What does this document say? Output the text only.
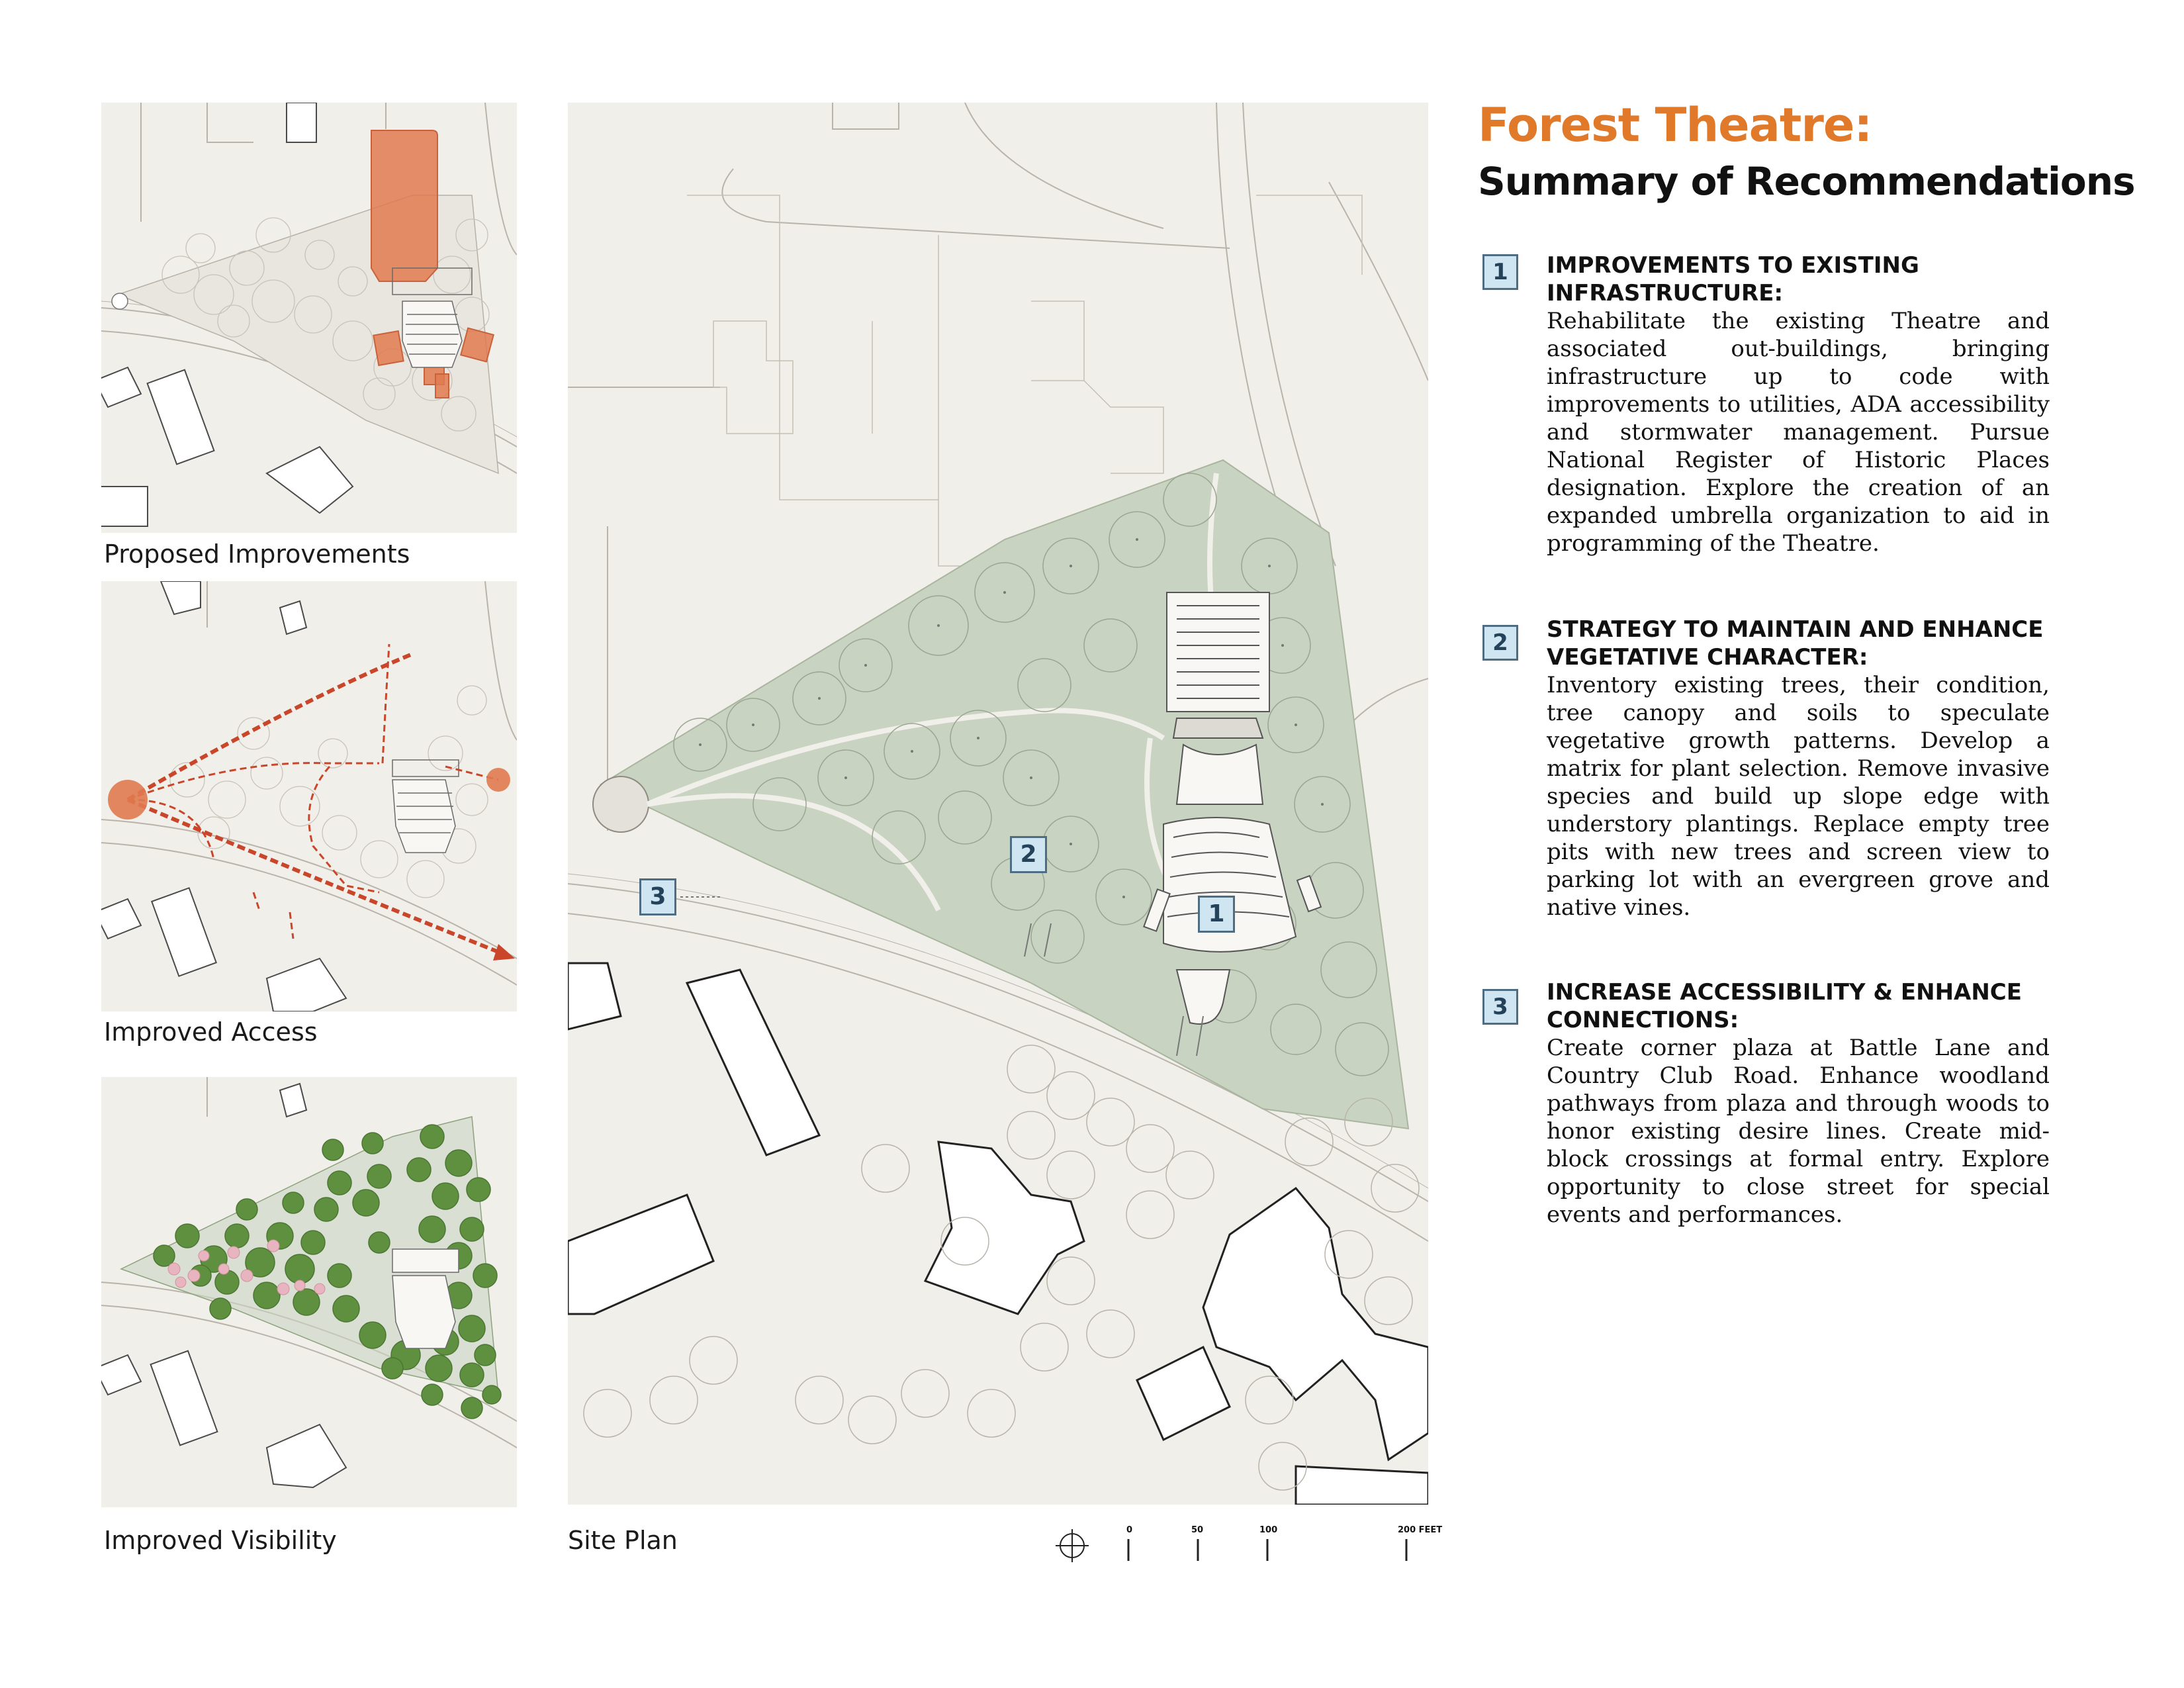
Forest Theatre:
Summary of Recommendations
Proposed Improvements
Improved Access
Improved Visibility
1
2
3
Site Plan	0	50	100	200 FEET
1	IMPROVEMENTS TO EXISTING INFRASTRUCTURE:
Rehabilitate the existing Theatre and associated out-buildings, bringing infrastructure up to code with improvements to utilities, ADA accessibility and stormwater management. Pursue National Register of Historic Places designation. Explore the creation of an expanded umbrella organization to aid in programming of the Theatre.
2	STRATEGY TO MAINTAIN AND ENHANCE VEGETATIVE CHARACTER:
Inventory existing trees, their condition, tree canopy and soils to speculate vegetative growth patterns. Develop a matrix for plant selection. Remove invasive species and build up slope edge with understory plantings. Replace empty tree pits with new trees and screen view to parking lot with an evergreen grove and native vines.
3
INCREASE ACCESSIBILITY & ENHANCE CONNECTIONS:
Create corner plaza at Battle Lane and Country Club Road. Enhance woodland pathways from plaza and through woods to honor existing desire lines. Create mid-block crossings at formal entry. Explore opportunity to close street for special events and performances.
